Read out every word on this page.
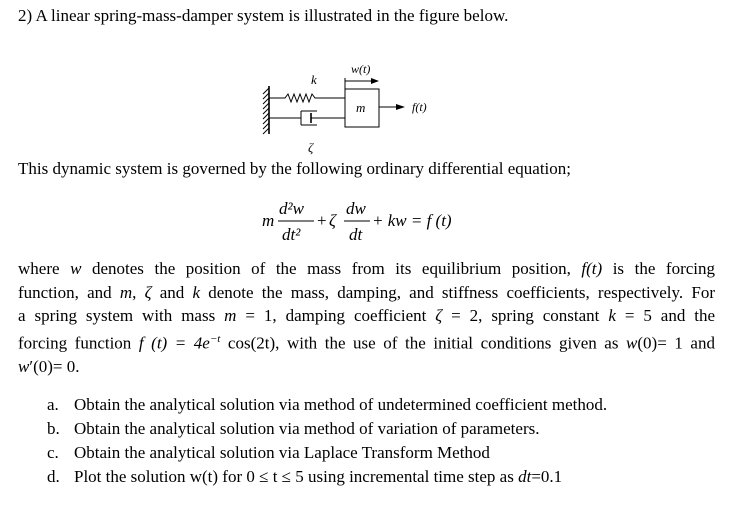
2) A linear spring-mass-damper system is illustrated in the figure below.
k
ζ
m
w(t)
f(t)
This dynamic system is governed by the following ordinary differential equation;
m
d²w
dt²
+ ζ
dw
dt
+ kw = f (t)
where w denotes the position of the mass from its equilibrium position, f(t) is the forcing
function, and m, ζ and k denote the mass, damping, and stiffness coefficients, respectively. For
a spring system with mass m = 1, damping coefficient ζ = 2, spring constant k = 5 and the
forcing function f $(t) = 4e^{-t}$ cos(2t), with the use of the initial conditions given as w(0)= 1 and
w′(0)= 0.
a. Obtain the analytical solution via method of undetermined coefficient method.
b. Obtain the analytical solution via method of variation of parameters.
c. Obtain the analytical solution via Laplace Transform Method
d. Plot the solution w(t) for 0 ≤ t ≤ 5 using incremental time step as dt=0.1
